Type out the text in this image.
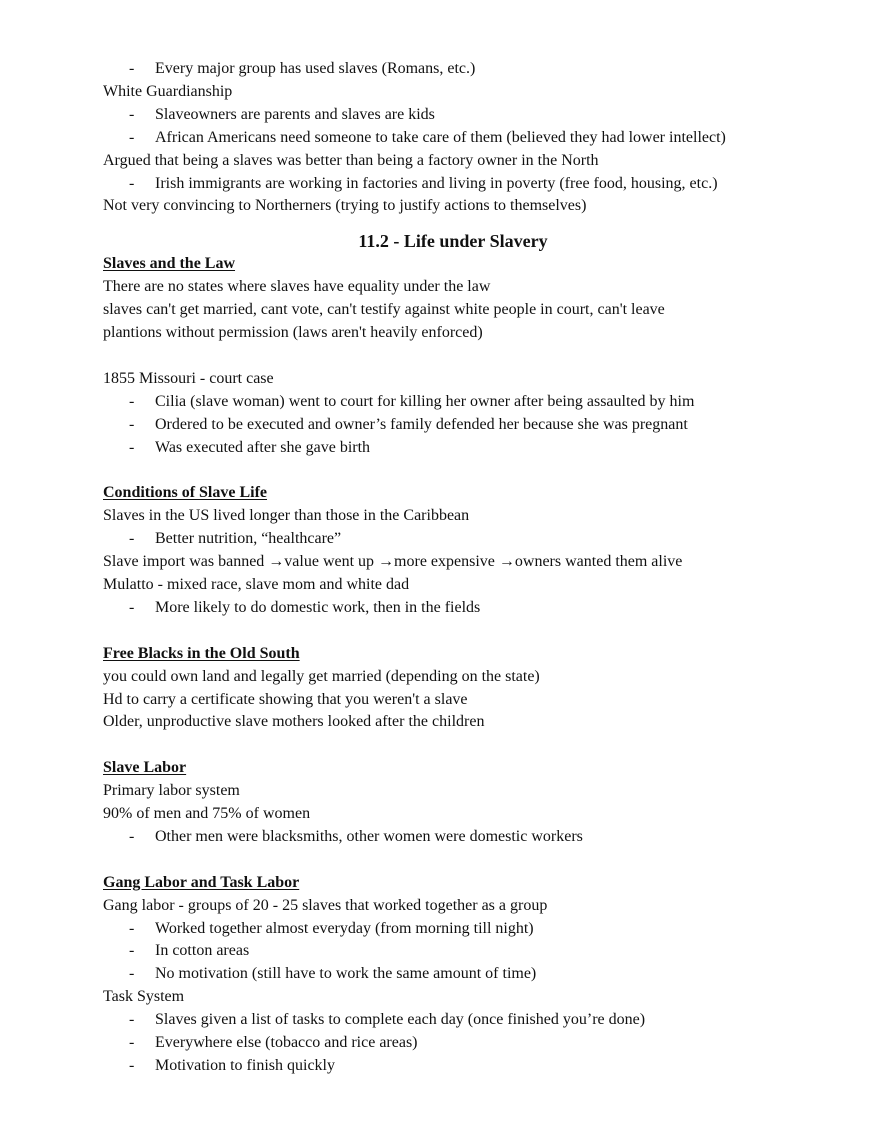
- Every major group has used slaves (Romans, etc.)
White Guardianship
- Slaveowners are parents and slaves are kids
- African Americans need someone to take care of them (believed they had lower intellect)
Argued that being a slaves was better than being a factory owner in the North
- Irish immigrants are working in factories and living in poverty (free food, housing, etc.)
Not very convincing to Northerners (trying to justify actions to themselves)
11.2 - Life under Slavery
Slaves and the Law
There are no states where slaves have equality under the law
slaves can't get married, cant vote, can't testify against white people in court, can't leave
plantions without permission (laws aren't heavily enforced)
1855 Missouri - court case
- Cilia (slave woman) went to court for killing her owner after being assaulted by him
- Ordered to be executed and owner’s family defended her because she was pregnant
- Was executed after she gave birth
Conditions of Slave Life
Slaves in the US lived longer than those in the Caribbean
- Better nutrition, “healthcare”
Slave import was banned →value went up →more expensive →owners wanted them alive
Mulatto - mixed race, slave mom and white dad
- More likely to do domestic work, then in the fields
Free Blacks in the Old South
you could own land and legally get married (depending on the state)
Hd to carry a certificate showing that you weren't a slave
Older, unproductive slave mothers looked after the children
Slave Labor
Primary labor system
90% of men and 75% of women
- Other men were blacksmiths, other women were domestic workers
Gang Labor and Task Labor
Gang labor - groups of 20 - 25 slaves that worked together as a group
- Worked together almost everyday (from morning till night)
- In cotton areas
- No motivation (still have to work the same amount of time)
Task System
- Slaves given a list of tasks to complete each day (once finished you’re done)
- Everywhere else (tobacco and rice areas)
- Motivation to finish quickly
